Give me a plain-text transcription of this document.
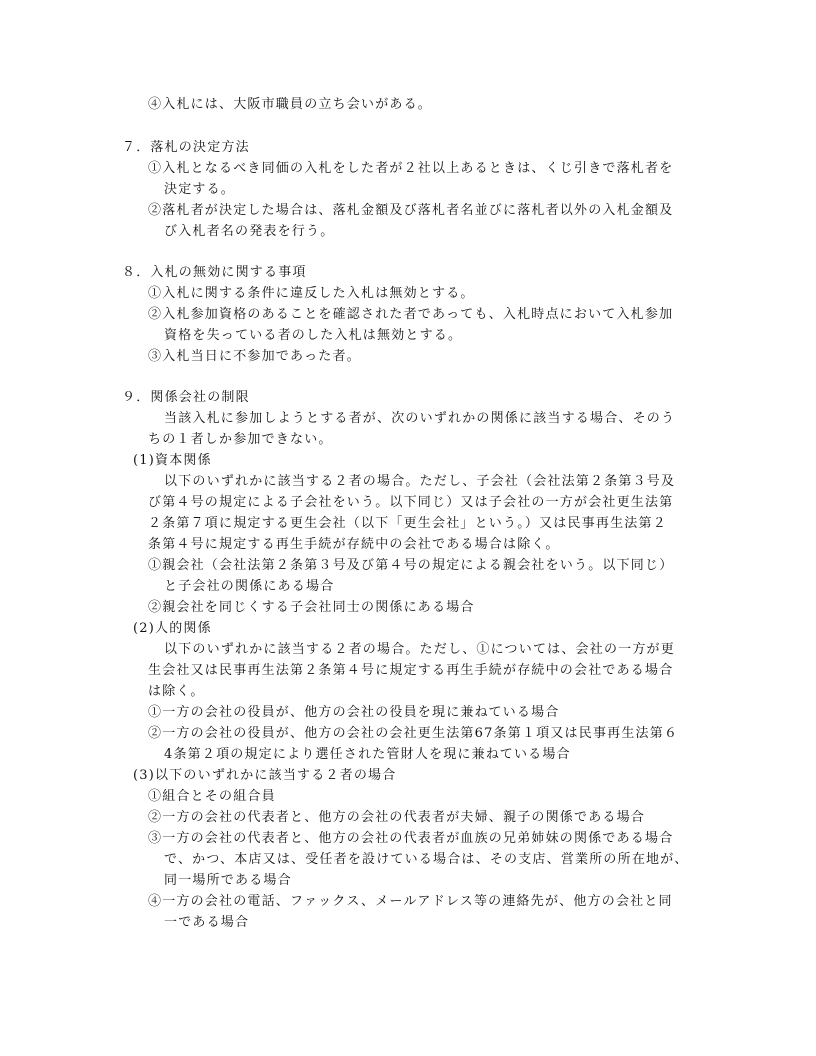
④入札には、大阪市職員の立ち会いがある。
７．落札の決定方法
①入札となるべき同価の入札をした者が２社以上あるときは、くじ引きで落札者を
決定する。
②落札者が決定した場合は、落札金額及び落札者名並びに落札者以外の入札金額及
び入札者名の発表を行う。
８．入札の無効に関する事項
①入札に関する条件に違反した入札は無効とする。
②入札参加資格のあることを確認された者であっても、入札時点において入札参加
資格を失っている者のした入札は無効とする。
③入札当日に不参加であった者。
９．関係会社の制限
当該入札に参加しようとする者が、次のいずれかの関係に該当する場合、そのう
ちの１者しか参加できない。
(1)資本関係
以下のいずれかに該当する２者の場合。ただし、子会社（会社法第２条第３号及
び第４号の規定による子会社をいう。以下同じ）又は子会社の一方が会社更生法第
２条第７項に規定する更生会社（以下「更生会社」という。）又は民事再生法第２
条第４号に規定する再生手続が存続中の会社である場合は除く。
①親会社（会社法第２条第３号及び第４号の規定による親会社をいう。以下同じ）
と子会社の関係にある場合
②親会社を同じくする子会社同士の関係にある場合
(2)人的関係
以下のいずれかに該当する２者の場合。ただし、①については、会社の一方が更
生会社又は民事再生法第２条第４号に規定する再生手続が存続中の会社である場合
は除く。
①一方の会社の役員が、他方の会社の役員を現に兼ねている場合
②一方の会社の役員が、他方の会社の会社更生法第67条第１項又は民事再生法第６
4条第２項の規定により選任された管財人を現に兼ねている場合
(3)以下のいずれかに該当する２者の場合
①組合とその組合員
②一方の会社の代表者と、他方の会社の代表者が夫婦、親子の関係である場合
③一方の会社の代表者と、他方の会社の代表者が血族の兄弟姉妹の関係である場合
で、かつ、本店又は、受任者を設けている場合は、その支店、営業所の所在地が、
同一場所である場合
④一方の会社の電話、ファックス、メールアドレス等の連絡先が、他方の会社と同
一である場合
